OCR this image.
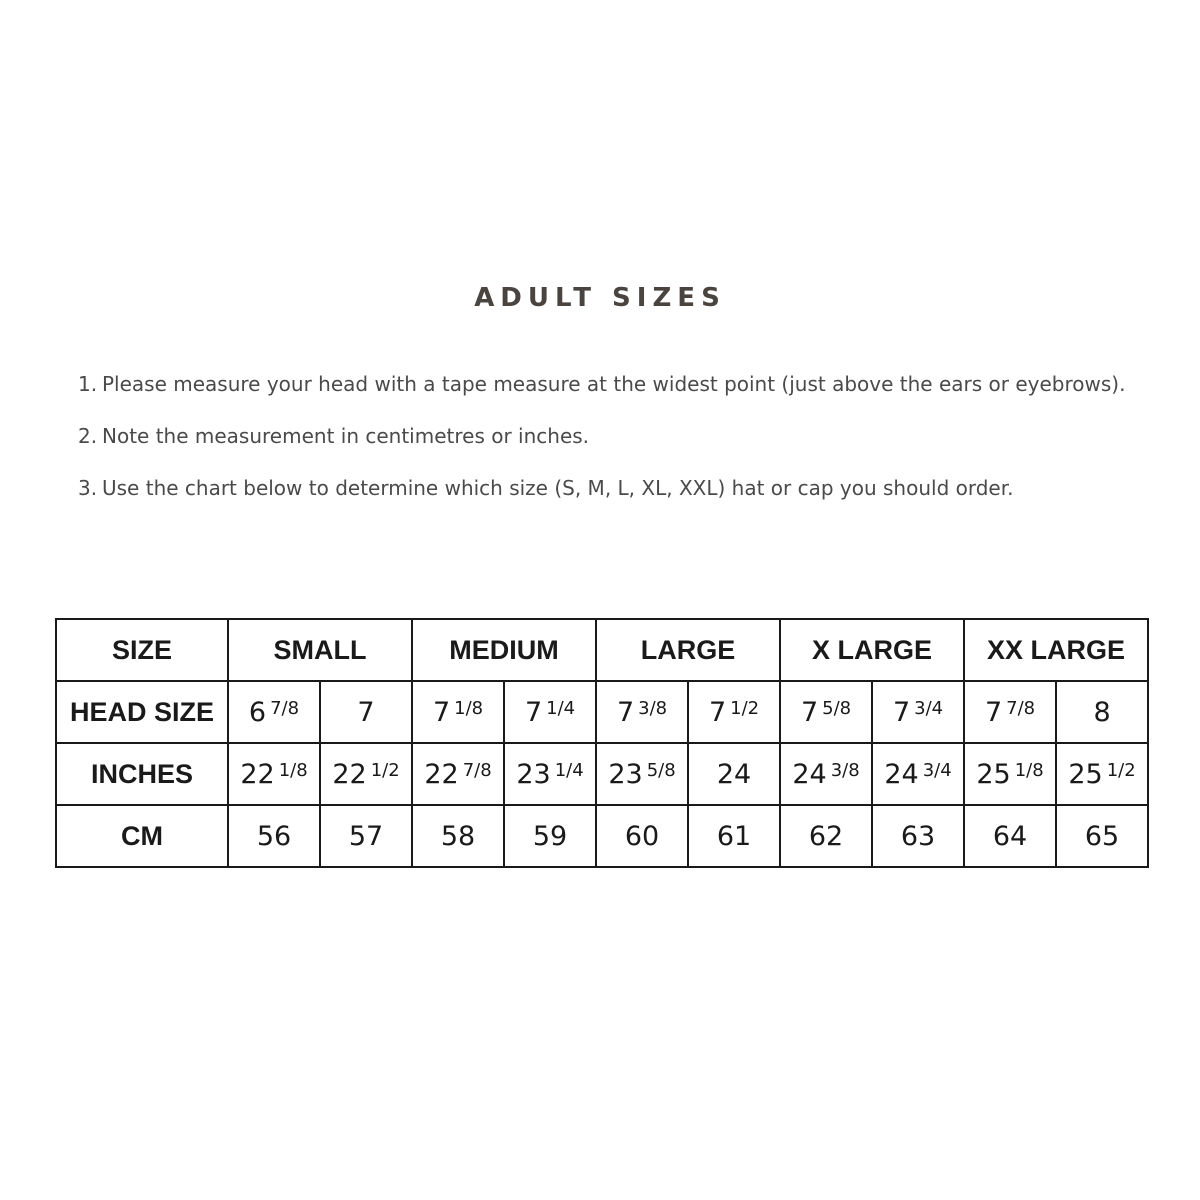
ADULT SIZES
1. Please measure your head with a tape measure at the widest point (just above the ears or eyebrows).
2. Note the measurement in centimetres or inches.
3. Use the chart below to determine which size (S, M, L, XL, XXL) hat or cap you should order.
SIZE	SMALL		MEDIUM		LARGE		X LARGE		XX LARGE	
HEAD SIZE	6 $^{7/8}$	7	7 $^{1/8}$	7 $^{1/4}$	7 $^{3/8}$	7 $^{1/2}$	7 $^{5/8}$	7 $^{3/4}$	7 $^{7/8}$	8
INCHES	22 $^{1/8}$	22 $^{1/2}$	22 $^{7/8}$	23 $^{1/4}$	23 $^{5/8}$	24	24 $^{3/8}$	24 $^{3/4}$	25 $^{1/8}$	25 $^{1/2}$
CM	56	57	58	59	60	61	62	63	64	65
